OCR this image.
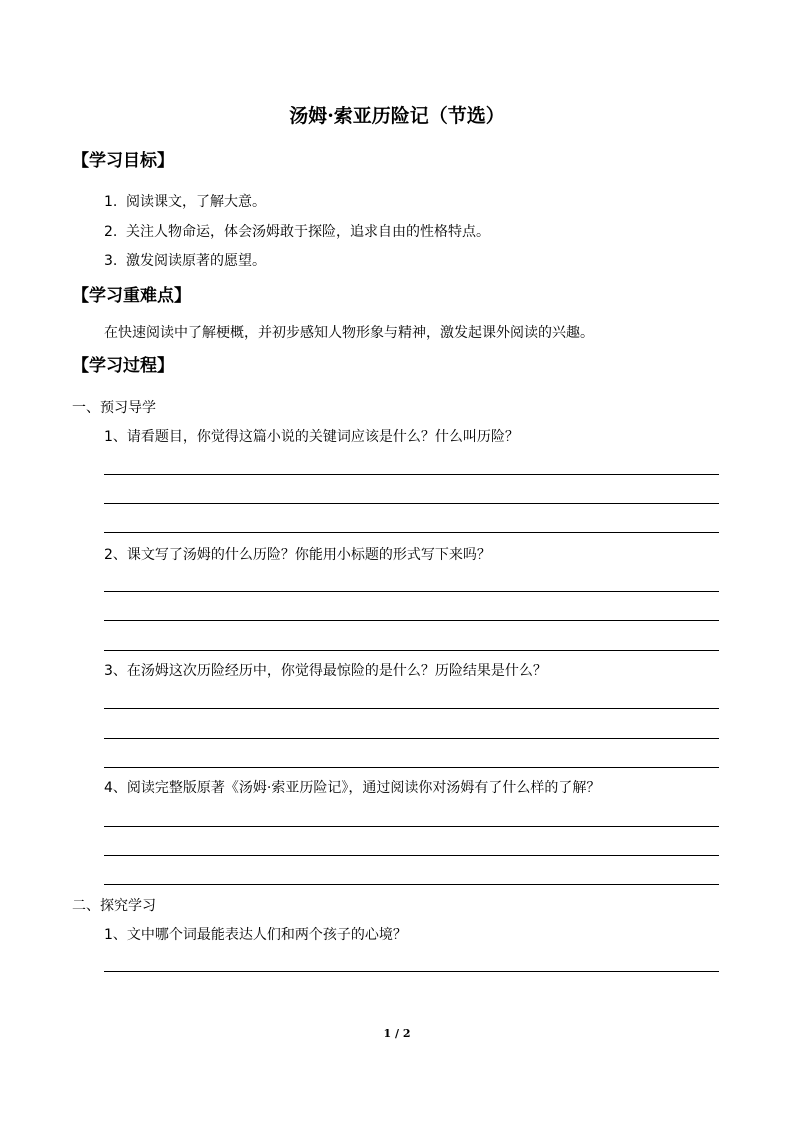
汤姆·索亚历险记（节选）
【学习目标】
1. 阅读课文，了解大意。
2. 关注人物命运，体会汤姆敢于探险，追求自由的性格特点。
3. 激发阅读原著的愿望。
【学习重难点】
在快速阅读中了解梗概，并初步感知人物形象与精神，激发起课外阅读的兴趣。
【学习过程】
一、预习导学
1、请看题目，你觉得这篇小说的关键词应该是什么？什么叫历险？
2、课文写了汤姆的什么历险？你能用小标题的形式写下来吗？
3、在汤姆这次历险经历中，你觉得最惊险的是什么？历险结果是什么？
4、阅读完整版原著《汤姆·索亚历险记》，通过阅读你对汤姆有了什么样的了解？
二、探究学习
1、文中哪个词最能表达人们和两个孩子的心境？
1 / 2
